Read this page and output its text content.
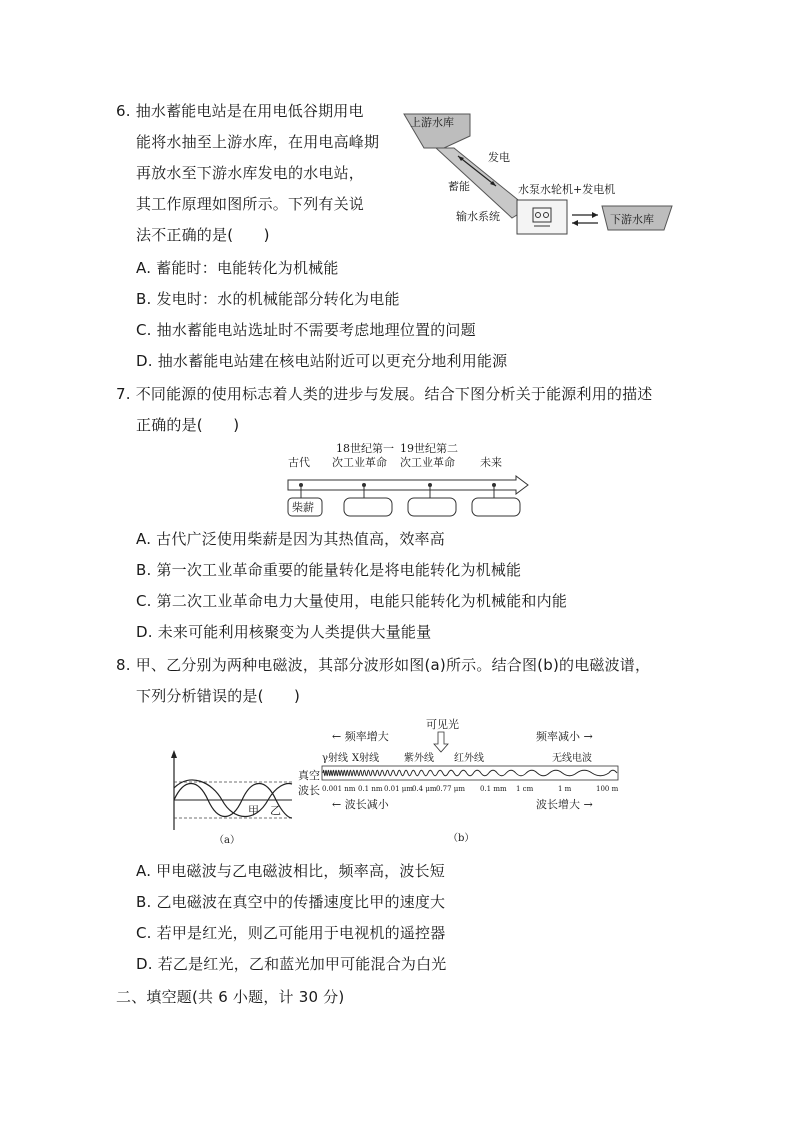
6. 抽水蓄能电站是在用电低谷期用电
能将水抽至上游水库，在用电高峰期
再放水至下游水库发电的水电站，
其工作原理如图所示。下列有关说
法不正确的是(　　)
A. 蓄能时：电能转化为机械能
B. 发电时：水的机械能部分转化为电能
C. 抽水蓄能电站选址时不需要考虑地理位置的问题
D. 抽水蓄能电站建在核电站附近可以更充分地利用能源
上游水库
发电
蓄能	水泵水轮机+发电机
输水系统	下游水库
7. 不同能源的使用标志着人类的进步与发展。结合下图分析关于能源利用的描述
正确的是(　　)
古代
18世纪第一
次工业革命
19世纪第二
次工业革命 未来
柴薪
A. 古代广泛使用柴薪是因为其热值高，效率高
B. 第一次工业革命重要的能量转化是将电能转化为机械能
C. 第二次工业革命电力大量使用，电能只能转化为机械能和内能
D. 未来可能利用核聚变为人类提供大量能量
8. 甲、乙分别为两种电磁波，其部分波形如图(a)所示。结合图(b)的电磁波谱，
下列分析错误的是(　　)
甲 乙
（a）
可见光
← 频率增大	频率减小 →
γ射线 X射线 紫外线 红外线	无线电波
真空
波长 0.001 nm 0.1 nm 0.01 μm 0.4 μm 0.77 μm 0.1 mm 1 cm	1 m	100 m
← 波长减小	波长增大 →
（b）
A. 甲电磁波与乙电磁波相比，频率高，波长短
B. 乙电磁波在真空中的传播速度比甲的速度大
C. 若甲是红光，则乙可能用于电视机的遥控器
D. 若乙是红光，乙和蓝光加甲可能混合为白光
二、填空题(共 6 小题，计 30 分)
